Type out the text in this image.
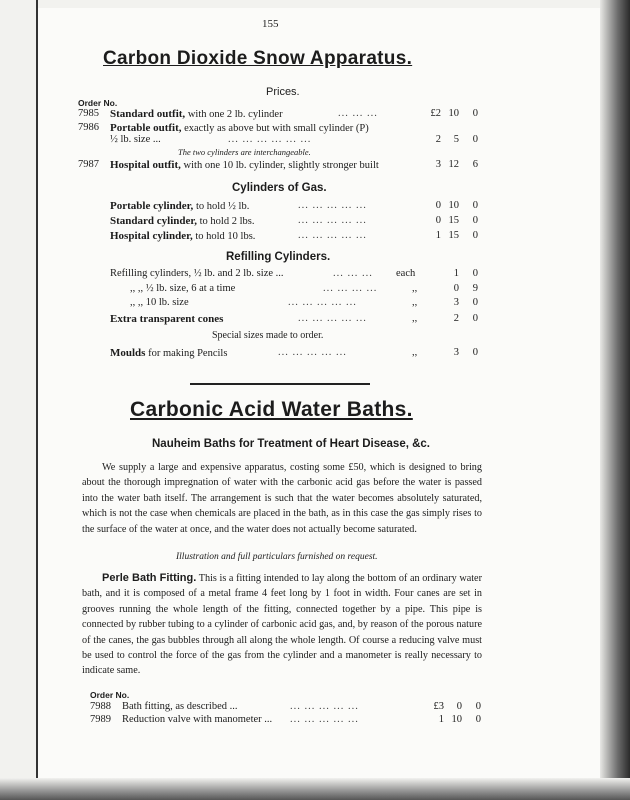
155
Carbon Dioxide Snow Apparatus.
Prices.
Order No.
7985	Standard outfit, with one 2 lb. cylinder	... ... ...	£2 10	0
7986	Portable outfit, exactly as above but with small cylinder (P)
½ lb. size ...	... ... ... ... ... ...	2	5	0
The two cylinders are interchangeable.
7987	Hospital outfit, with one 10 lb. cylinder, slightly stronger built	3 12	6
Cylinders of Gas.
Portable cylinder, to hold ½ lb.	... ... ... ... ...	0 10	0
Standard cylinder, to hold 2 lbs.	... ... ... ... ...	0 15	0
Hospital cylinder, to hold 10 lbs.	... ... ... ... ...	1 15	0
Refilling Cylinders.
Refilling cylinders, ½ lb. and 2 lb. size ...	... ... ... each	1	0
,, ,, ½ lb. size, 6 at a time	... ... ... ...	,,	0	9
,, ,, 10 lb. size	... ... ... ... ...	,,	3	0
Extra transparent cones	... ... ... ... ...	,,	2	0
Special sizes made to order.
Moulds for making Pencils	... ... ... ... ...	,,	3	0
Carbonic Acid Water Baths.
Nauheim Baths for Treatment of Heart Disease, &c.

We supply a large and expensive apparatus, costing some £50, which is designed to bring about the thorough impregnation of water with the carbonic acid gas before the water is passed into the water bath itself. The arrangement is such that the water becomes absolutely saturated, which is not the case when chemicals are placed in the bath, as in this case the gas simply rises to the surface of the water at once, and the water does not actually become saturated.

Illustration and full particulars furnished on request.

Perle Bath Fitting. This is a fitting intended to lay along the bottom of an ordinary water bath, and it is composed of a metal frame 4 feet long by 1 foot in width. Four canes are set in grooves running the whole length of the fitting, connected together by a pipe. This pipe is connected by rubber tubing to a cylinder of carbonic acid gas, and, by reason of the porous nature of the canes, the gas bubbles through all along the whole length. Of course a reducing valve must be used to control the force of the gas from the cylinder and a manometer is really necessary to indicate same.

Order No.
7988	Bath fitting, as described ...	... ... ... ... ...	£3	0	0
7989	Reduction valve with manometer ... ... ... ... ... ...	1 10	0
